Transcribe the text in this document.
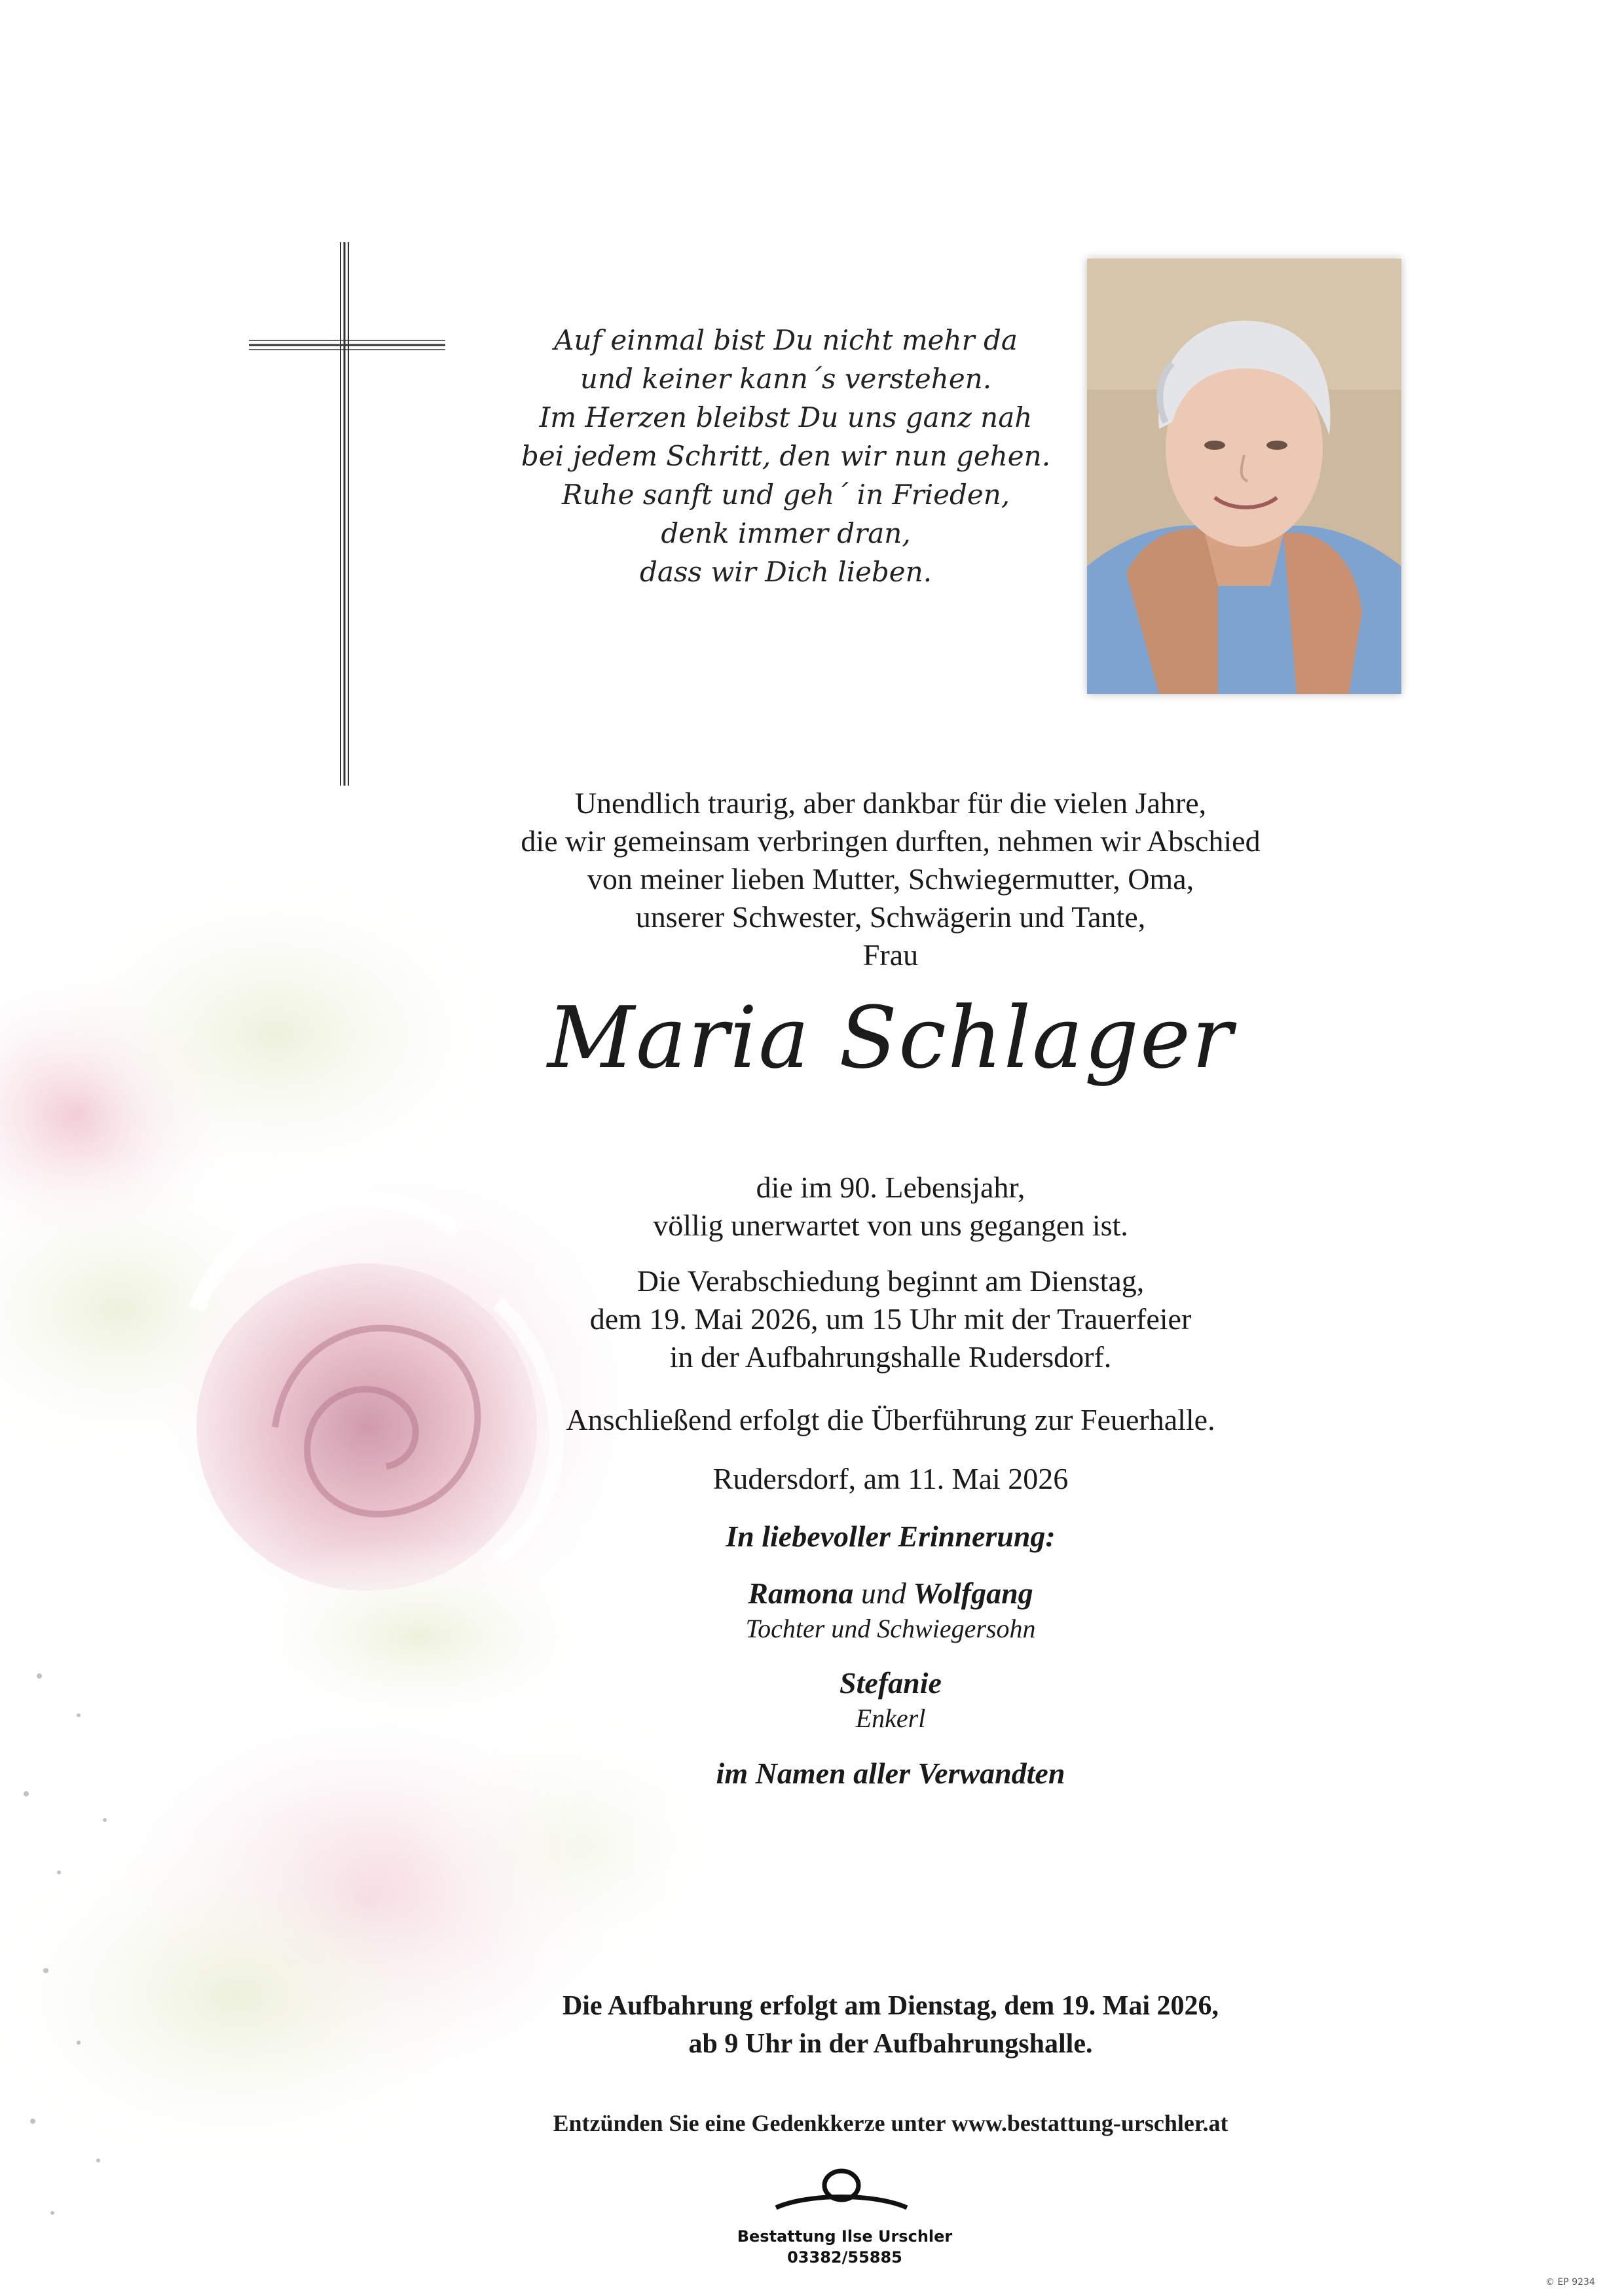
Auf einmal bist Du nicht mehr da
und keiner kann´s verstehen.
Im Herzen bleibst Du uns ganz nah
bei jedem Schritt, den wir nun gehen.
Ruhe sanft und geh´ in Frieden,
denk immer dran,
dass wir Dich lieben.
Unendlich traurig, aber dankbar für die vielen Jahre,
die wir gemeinsam verbringen durften, nehmen wir Abschied
von meiner lieben Mutter, Schwiegermutter, Oma,
unserer Schwester, Schwägerin und Tante,
Frau
Maria Schlager
die im 90. Lebensjahr,
völlig unerwartet von uns gegangen ist.
Die Verabschiedung beginnt am Dienstag,
dem 19. Mai 2026, um 15 Uhr mit der Trauerfeier
in der Aufbahrungshalle Rudersdorf.
Anschließend erfolgt die Überführung zur Feuerhalle.
Rudersdorf, am 11. Mai 2026
In liebevoller Erinnerung:
Ramona und Wolfgang
Tochter und Schwiegersohn
Stefanie
Enkerl
im Namen aller Verwandten
Die Aufbahrung erfolgt am Dienstag, dem 19. Mai 2026,
ab 9 Uhr in der Aufbahrungshalle.
Entzünden Sie eine Gedenkkerze unter www.bestattung-urschler.at
Bestattung Ilse Urschler
03382/55885
© EP 9234
